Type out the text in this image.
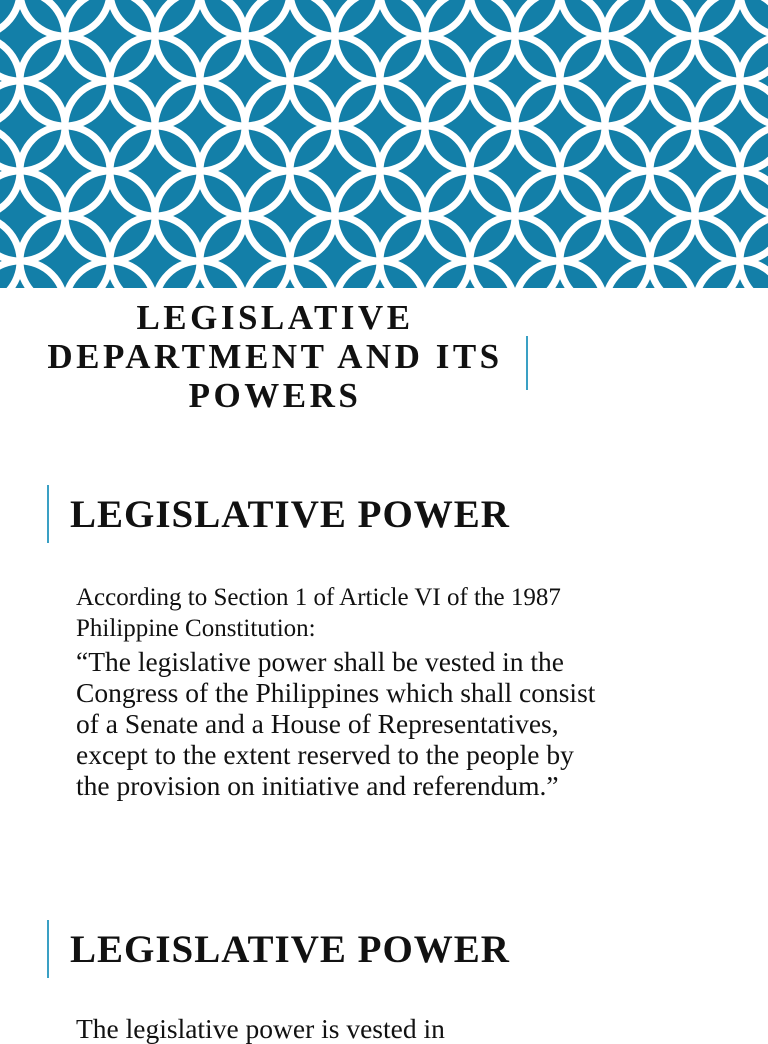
LEGISLATIVE
DEPARTMENT AND ITS
POWERS
LEGISLATIVE POWER
According to Section 1 of Article VI of the 1987
Philippine Constitution:
“The legislative power shall be vested in the
Congress of the Philippines which shall consist
of a Senate and a House of Representatives,
except to the extent reserved to the people by
the provision on initiative and referendum.”
LEGISLATIVE POWER
The legislative power is vested in
